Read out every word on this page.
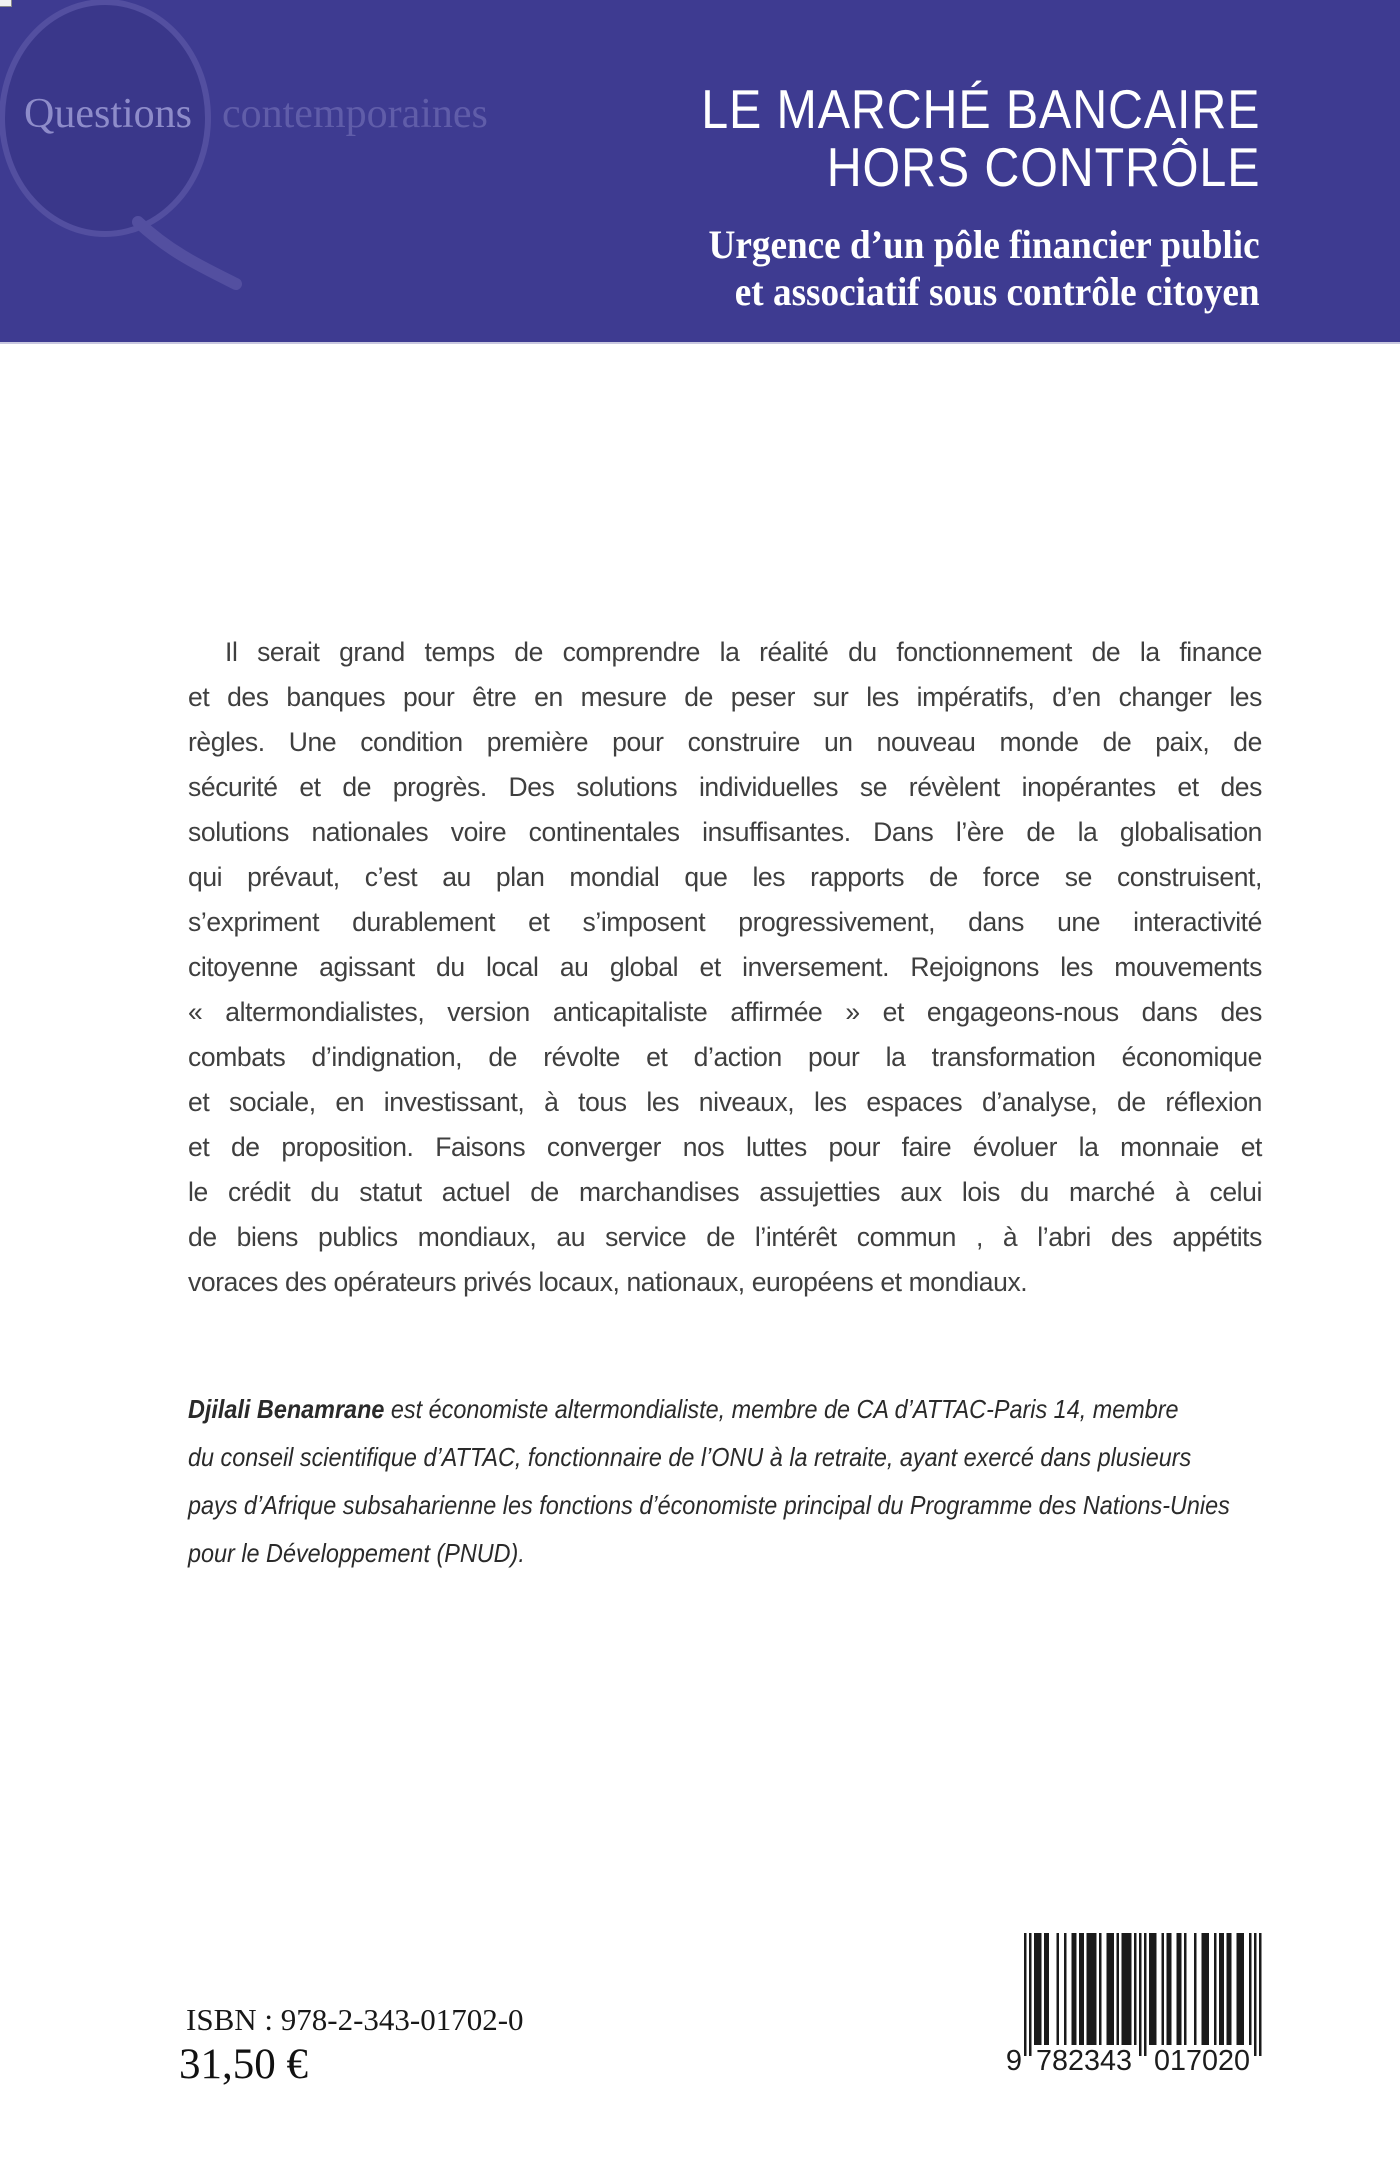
Questions contemporaines	LE MARCHÉ BANCAIRE
HORS CONTRÔLE
Urgence d’un pôle financier public
et associatif sous contrôle citoyen
Il serait grand temps de comprendre la réalité du fonctionnement de la finance
et des banques pour être en mesure de peser sur les impératifs, d’en changer les
règles. Une condition première pour construire un nouveau monde de paix, de
sécurité et de progrès. Des solutions individuelles se révèlent inopérantes et des
solutions nationales voire continentales insuffisantes. Dans l’ère de la globalisation
qui prévaut, c’est au plan mondial que les rapports de force se construisent,
s’expriment durablement et s’imposent progressivement, dans une interactivité
citoyenne agissant du local au global et inversement. Rejoignons les mouvements
« altermondialistes, version anticapitaliste affirmée » et engageons-nous dans des
combats d’indignation, de révolte et d’action pour la transformation économique
et sociale, en investissant, à tous les niveaux, les espaces d’analyse, de réflexion
et de proposition. Faisons converger nos luttes pour faire évoluer la monnaie et
le crédit du statut actuel de marchandises assujetties aux lois du marché à celui
de biens publics mondiaux, au service de l’intérêt commun , à l’abri des appétits
voraces des opérateurs privés locaux, nationaux, européens et mondiaux.
Djilali Benamrane est économiste altermondialiste, membre de CA d’ATTAC-Paris 14, membre
du conseil scientifique d’ATTAC, fonctionnaire de l’ONU à la retraite, ayant exercé dans plusieurs
pays d’Afrique subsaharienne les fonctions d’économiste principal du Programme des Nations-Unies
pour le Développement (PNUD).
ISBN : 978-2-343-01702-0
31,50 €	9 782343 017020
